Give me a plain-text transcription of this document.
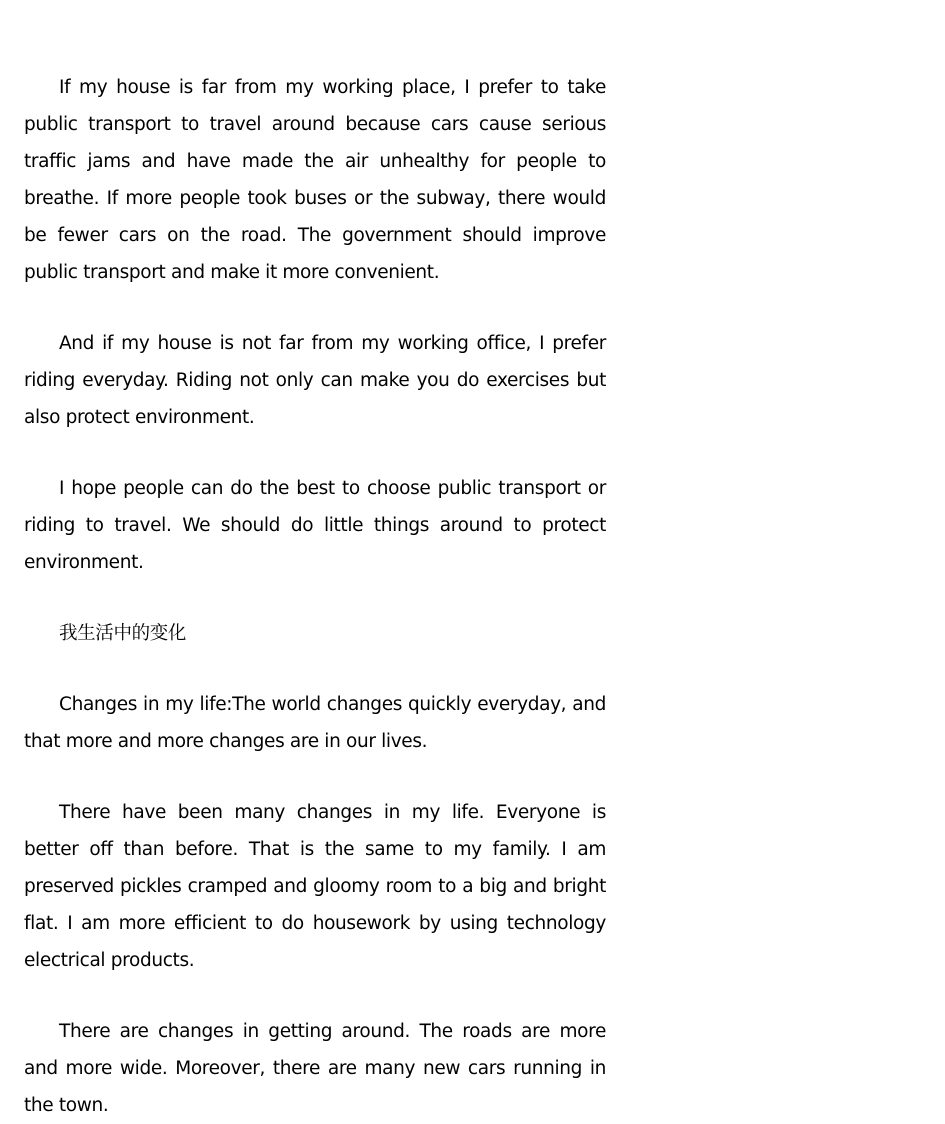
If my house is far from my working place, I prefer to take public transport to travel around because cars cause serious traffic jams and have made the air unhealthy for people to breathe. If more people took buses or the subway, there would be fewer cars on the road. The government should improve public transport and make it more convenient.

And if my house is not far from my working office, I prefer riding everyday. Riding not only can make you do exercises but also protect environment.

I hope people can do the best to choose public transport or riding to travel. We should do little things around to protect environment.

我生活中的变化

Changes in my life:The world changes quickly everyday, and that more and more changes are in our lives.

There have been many changes in my life. Everyone is better off than before. That is the same to my family. I am preserved pickles cramped and gloomy room to a big and bright flat. I am more efficient to do housework by using technology electrical products.

There are changes in getting around. The roads are more and more wide. Moreover, there are many new cars running in the town.
